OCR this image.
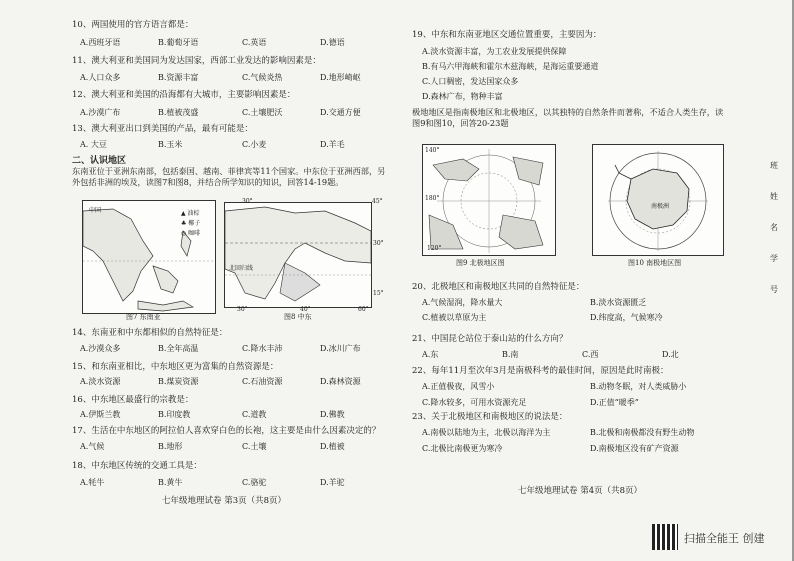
10、两国使用的官方语言都是：
A.西班牙语	B.葡萄牙语	C.英语	D.德语
11、澳大利亚和美国同为发达国家，西部工业发达的影响因素是：
A.人口众多	B.资源丰富	C.气候炎热	D.地形崎岖
12、澳大利亚和美国的沿海都有大城市，主要影响因素是：
A.沙漠广布	B.植被茂盛	C.土壤肥沃	D.交通方便
13、澳大利亚出口到美国的产品，最有可能是：
A. 大豆	B.玉米	C.小麦	D.羊毛
二、认识地区
东南亚位于亚洲东南部，包括泰国、越南、菲律宾等11个国家。中东位于亚洲西部，另外包括非洲的埃及，读图7和图8，并结合所学知识的知识，回答14-19题。
中国	▲ 油棕
♣ 椰子
◎ 咖啡
图7 东南亚
北回归线
30°	45°
30°
15°
30°	40°	60°
图8 中东
14、东南亚和中东都相似的自然特征是：
A.沙漠众多	B.全年高温	C.降水丰沛	D.冰川广布
15、和东南亚相比，中东地区更为富集的自然资源是：
A.淡水资源	B.煤炭资源	C.石油资源	D.森林资源
16、中东地区最盛行的宗教是：
A.伊斯兰教	B.印度教	C.道教	D.佛教
17、生活在中东地区的阿拉伯人喜欢穿白色的长袍，这主要是由什么因素决定的？
A.气候	B.地形	C.土壤	D.植被
18、中东地区传统的交通工具是：
A.牦牛	B.黄牛	C.骆驼	D.羊驼
七年级地理试卷 第3页（共8页）
19、中东和东南亚地区交通位置重要，主要因为：
A.淡水资源丰富，为工农业发展提供保障
B.有马六甲海峡和霍尔木兹海峡，是海运重要通道
C.人口稠密，发达国家众多
D.森林广布，物种丰富
极地地区是指南极地区和北极地区，以其独特的自然条件而著称，不适合人类生存，读图9和图10，回答20-23题
140°
180°
120°
图9 北极地区图
南极洲
图10 南极地区图
20、北极地区和南极地区共同的自然特征是：
A.气候湿润，降水量大	B.淡水资源匮乏
C.植被以草原为主	D.纬度高，气候寒冷
21、中国昆仑站位于泰山站的什么方向？
A.东	B.南	C.西	D.北
22、每年11月至次年3月是南极科考的最佳时间，原因是此时南极：
A.正值极夜，风雪小	B.动物冬眠，对人类威胁小
C.降水较多，可用水资源充足	D.正值“暖季”
23、关于北极地区和南极地区的说法是：
A.南极以陆地为主，北极以海洋为主	B.北极和南极都没有野生动物
C.北极比南极更为寒冷	D.南极地区没有矿产资源
七年级地理试卷 第4页（共8页）
班
姓
名
学
号
扫描全能王 创建
